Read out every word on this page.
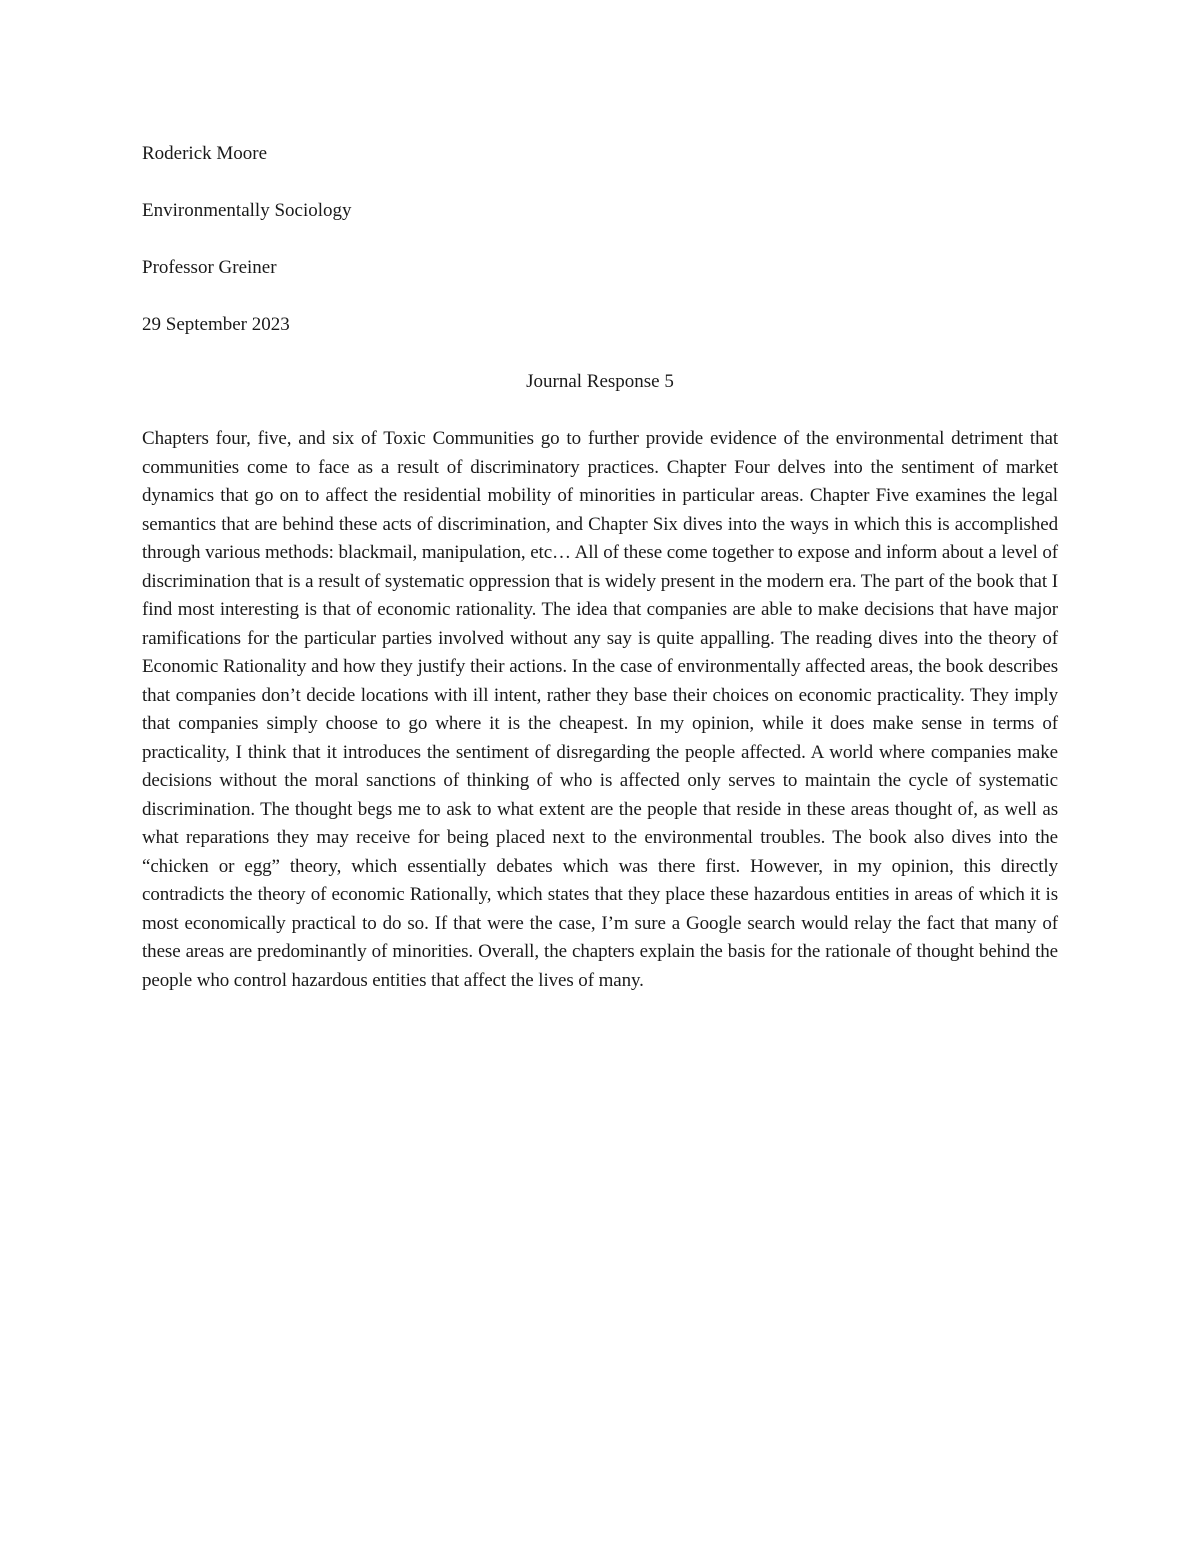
Roderick Moore

Environmentally Sociology

Professor Greiner

29 September 2023

Journal Response 5

Chapters four, five, and six of Toxic Communities go to further provide evidence of the environmental detriment that communities come to face as a result of discriminatory practices. Chapter Four delves into the sentiment of market dynamics that go on to affect the residential mobility of minorities in particular areas. Chapter Five examines the legal semantics that are behind these acts of discrimination, and Chapter Six dives into the ways in which this is accomplished through various methods: blackmail, manipulation, etc… All of these come together to expose and inform about a level of discrimination that is a result of systematic oppression that is widely present in the modern era. The part of the book that I find most interesting is that of economic rationality. The idea that companies are able to make decisions that have major ramifications for the particular parties involved without any say is quite appalling. The reading dives into the theory of Economic Rationality and how they justify their actions. In the case of environmentally affected areas, the book describes that companies don’t decide locations with ill intent, rather they base their choices on economic practicality. They imply that companies simply choose to go where it is the cheapest. In my opinion, while it does make sense in terms of practicality, I think that it introduces the sentiment of disregarding the people affected. A world where companies make decisions without the moral sanctions of thinking of who is affected only serves to maintain the cycle of systematic discrimination. The thought begs me to ask to what extent are the people that reside in these areas thought of, as well as what reparations they may receive for being placed next to the environmental troubles. The book also dives into the “chicken or egg” theory, which essentially debates which was there first. However, in my opinion, this directly contradicts the theory of economic Rationally, which states that they place these hazardous entities in areas of which it is most economically practical to do so. If that were the case, I’m sure a Google search would relay the fact that many of these areas are predominantly of minorities. Overall, the chapters explain the basis for the rationale of thought behind the people who control hazardous entities that affect the lives of many.
